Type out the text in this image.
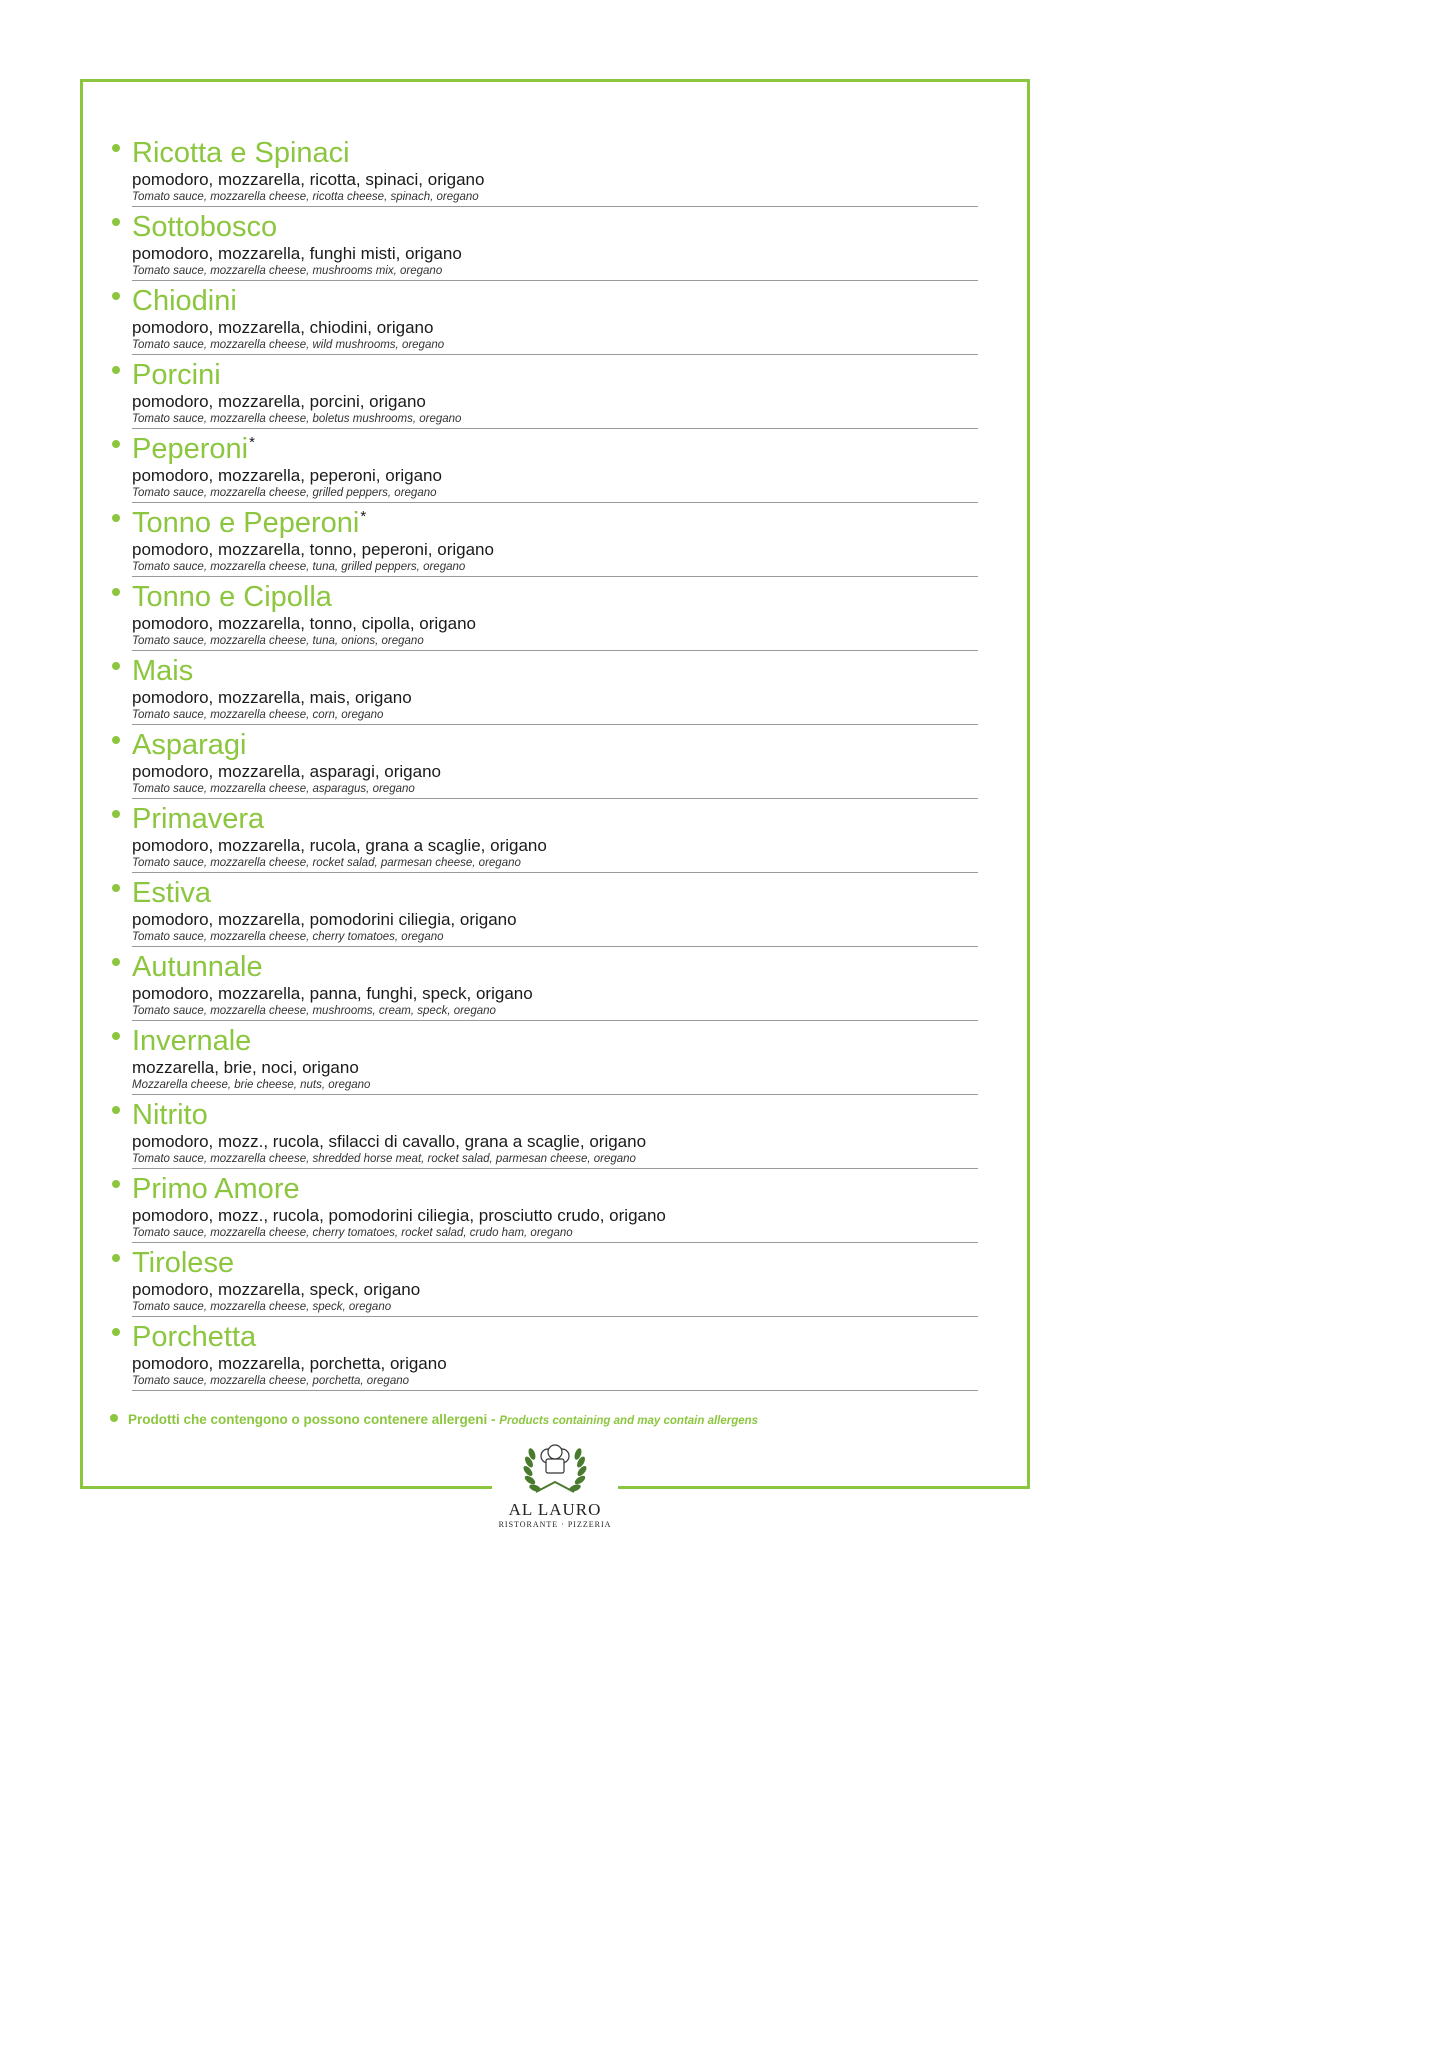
Ricotta e Spinaci
pomodoro, mozzarella, ricotta, spinaci, origano
Tomato sauce, mozzarella cheese, ricotta cheese, spinach, oregano
Sottobosco
pomodoro, mozzarella, funghi misti, origano
Tomato sauce, mozzarella cheese, mushrooms mix, oregano
Chiodini
pomodoro, mozzarella, chiodini, origano
Tomato sauce, mozzarella cheese, wild mushrooms, oregano
Porcini
pomodoro, mozzarella, porcini, origano
Tomato sauce, mozzarella cheese, boletus mushrooms, oregano
Peperoni*
pomodoro, mozzarella, peperoni, origano
Tomato sauce, mozzarella cheese, grilled peppers, oregano
Tonno e Peperoni*
pomodoro, mozzarella, tonno, peperoni, origano
Tomato sauce, mozzarella cheese, tuna, grilled peppers, oregano
Tonno e Cipolla
pomodoro, mozzarella, tonno, cipolla, origano
Tomato sauce, mozzarella cheese, tuna, onions, oregano
Mais
pomodoro, mozzarella, mais, origano
Tomato sauce, mozzarella cheese, corn, oregano
Asparagi
pomodoro, mozzarella, asparagi, origano
Tomato sauce, mozzarella cheese, asparagus, oregano
Primavera
pomodoro, mozzarella, rucola, grana a scaglie, origano
Tomato sauce, mozzarella cheese, rocket salad, parmesan cheese, oregano
Estiva
pomodoro, mozzarella, pomodorini ciliegia, origano
Tomato sauce, mozzarella cheese, cherry tomatoes, oregano
Autunnale
pomodoro, mozzarella, panna, funghi, speck, origano
Tomato sauce, mozzarella cheese, mushrooms, cream, speck, oregano
Invernale
mozzarella, brie, noci, origano
Mozzarella cheese, brie cheese, nuts, oregano
Nitrito
pomodoro, mozz., rucola, sfilacci di cavallo, grana a scaglie, origano
Tomato sauce, mozzarella cheese, shredded horse meat, rocket salad, parmesan cheese, oregano
Primo Amore
pomodoro, mozz., rucola, pomodorini ciliegia, prosciutto crudo, origano
Tomato sauce, mozzarella cheese, cherry tomatoes, rocket salad, crudo ham, oregano
Tirolese
pomodoro, mozzarella, speck, origano
Tomato sauce, mozzarella cheese, speck, oregano
Porchetta
pomodoro, mozzarella, porchetta, origano
Tomato sauce, mozzarella cheese, porchetta, oregano
Prodotti che contengono o possono contenere allergeni - Products containing and may contain allergens
AL LAURO
RISTORANTE · PIZZERIA
